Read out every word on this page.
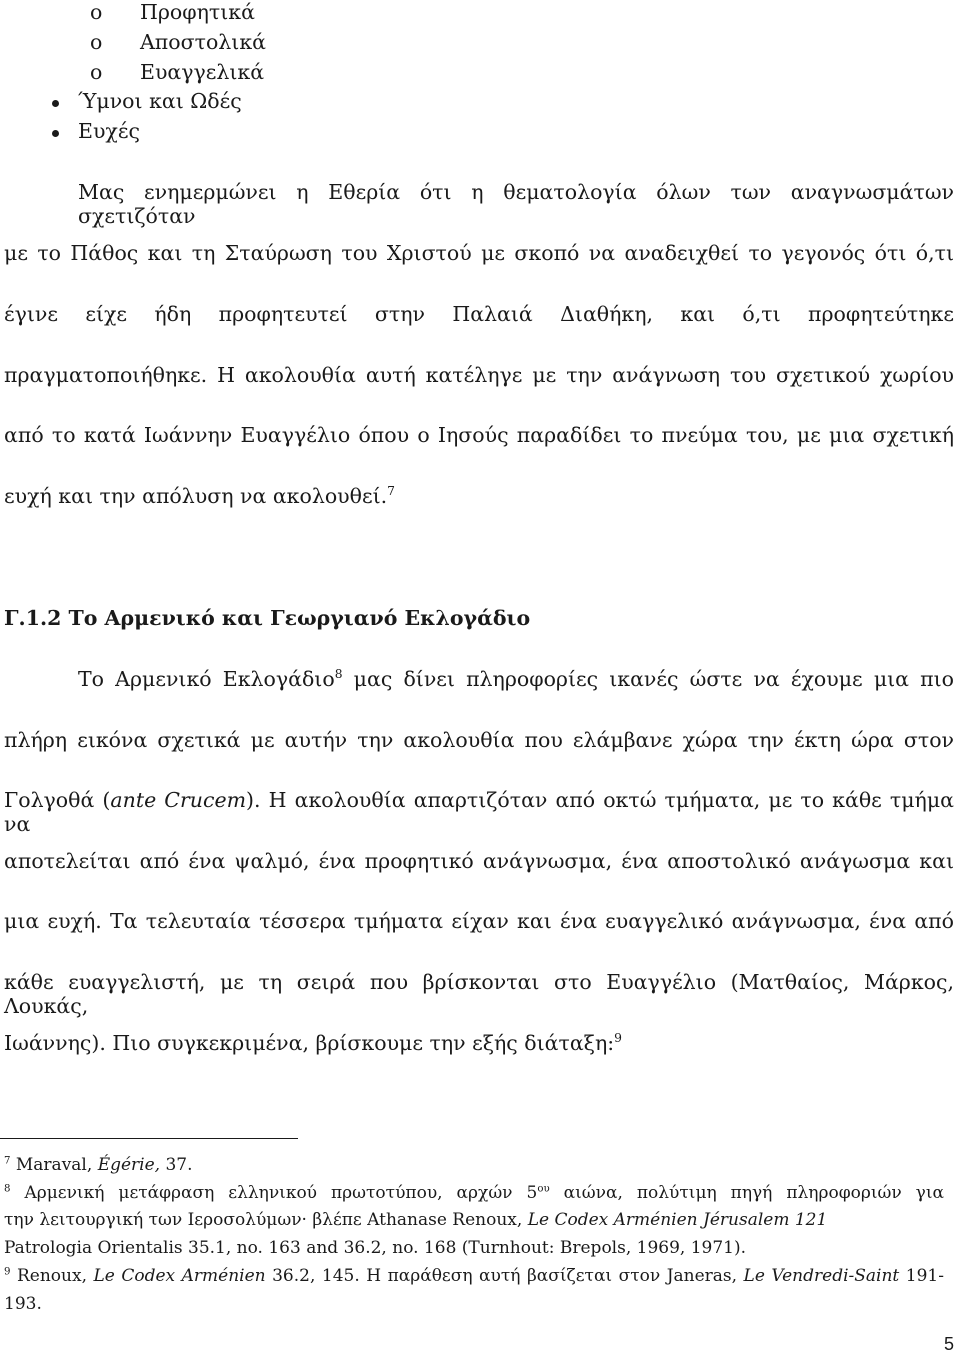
o Προφητικά
o Αποστολικά
o Ευαγγελικά
Ύμνοι και Ωδές
Ευχές
Μας ενημερμώνει η Εθερία ότι η θεματολογία όλων των αναγνωσμάτων σχετιζόταν
με το Πάθος και τη Σταύρωση του Χριστού με σκοπό να αναδειχθεί το γεγονός ότι ό,τι
έγινε είχε ήδη προφητευτεί στην Παλαιά Διαθήκη, και ό,τι προφητεύτηκε
πραγματοποιήθηκε. Η ακολουθία αυτή κατέληγε με την ανάγνωση του σχετικού χωρίου
από το κατά Ιωάννην Ευαγγέλιο όπου ο Ιησούς παραδίδει το πνεύμα του, με μια σχετική
ευχή και την απόλυση να ακολουθεί.$^7$
Γ.1.2 Το Αρμενικό και Γεωργιανό Εκλογάδιο
Το Αρμενικό Εκλογάδιο$^8$ μας δίνει πληροφορίες ικανές ώστε να έχουμε μια πιο
πλήρη εικόνα σχετικά με αυτήν την ακολουθία που ελάμβανε χώρα την έκτη ώρα στον
Γολγοθά (ante Crucem). Η ακολουθία απαρτιζόταν από οκτώ τμήματα, με το κάθε τμήμα να
αποτελείται από ένα ψαλμό, ένα προφητικό ανάγνωσμα, ένα αποστολικό ανάγωσμα και
μια ευχή. Τα τελευταία τέσσερα τμήματα είχαν και ένα ευαγγελικό ανάγνωσμα, ένα από
κάθε ευαγγελιστή, με τη σειρά που βρίσκονται στο Ευαγγέλιο (Ματθαίος, Μάρκος, Λουκάς,
Ιωάννης). Πιο συγκεκριμένα, βρίσκουμε την εξής διάταξη:$^9$
$^7$ Maraval, Égérie, 37.
$^8$ Αρμενική μετάφραση ελληνικού πρωτοτύπου, αρχών $5^{o\upsilon}$ αιώνα, πολύτιμη πηγή πληροφοριών για
την λειτουργική των Ιεροσολύμων· βλέπε Athanase Renoux, Le Codex Arménien Jérusalem 121
Patrologia Orientalis 35.1, no. 163 and 36.2, no. 168 (Turnhout: Brepols, 1969, 1971).
$^9$ Renoux, Le Codex Arménien 36.2, 145. Η παράθεση αυτή βασίζεται στον Janeras, Le Vendredi-Saint 191-
193.
5
